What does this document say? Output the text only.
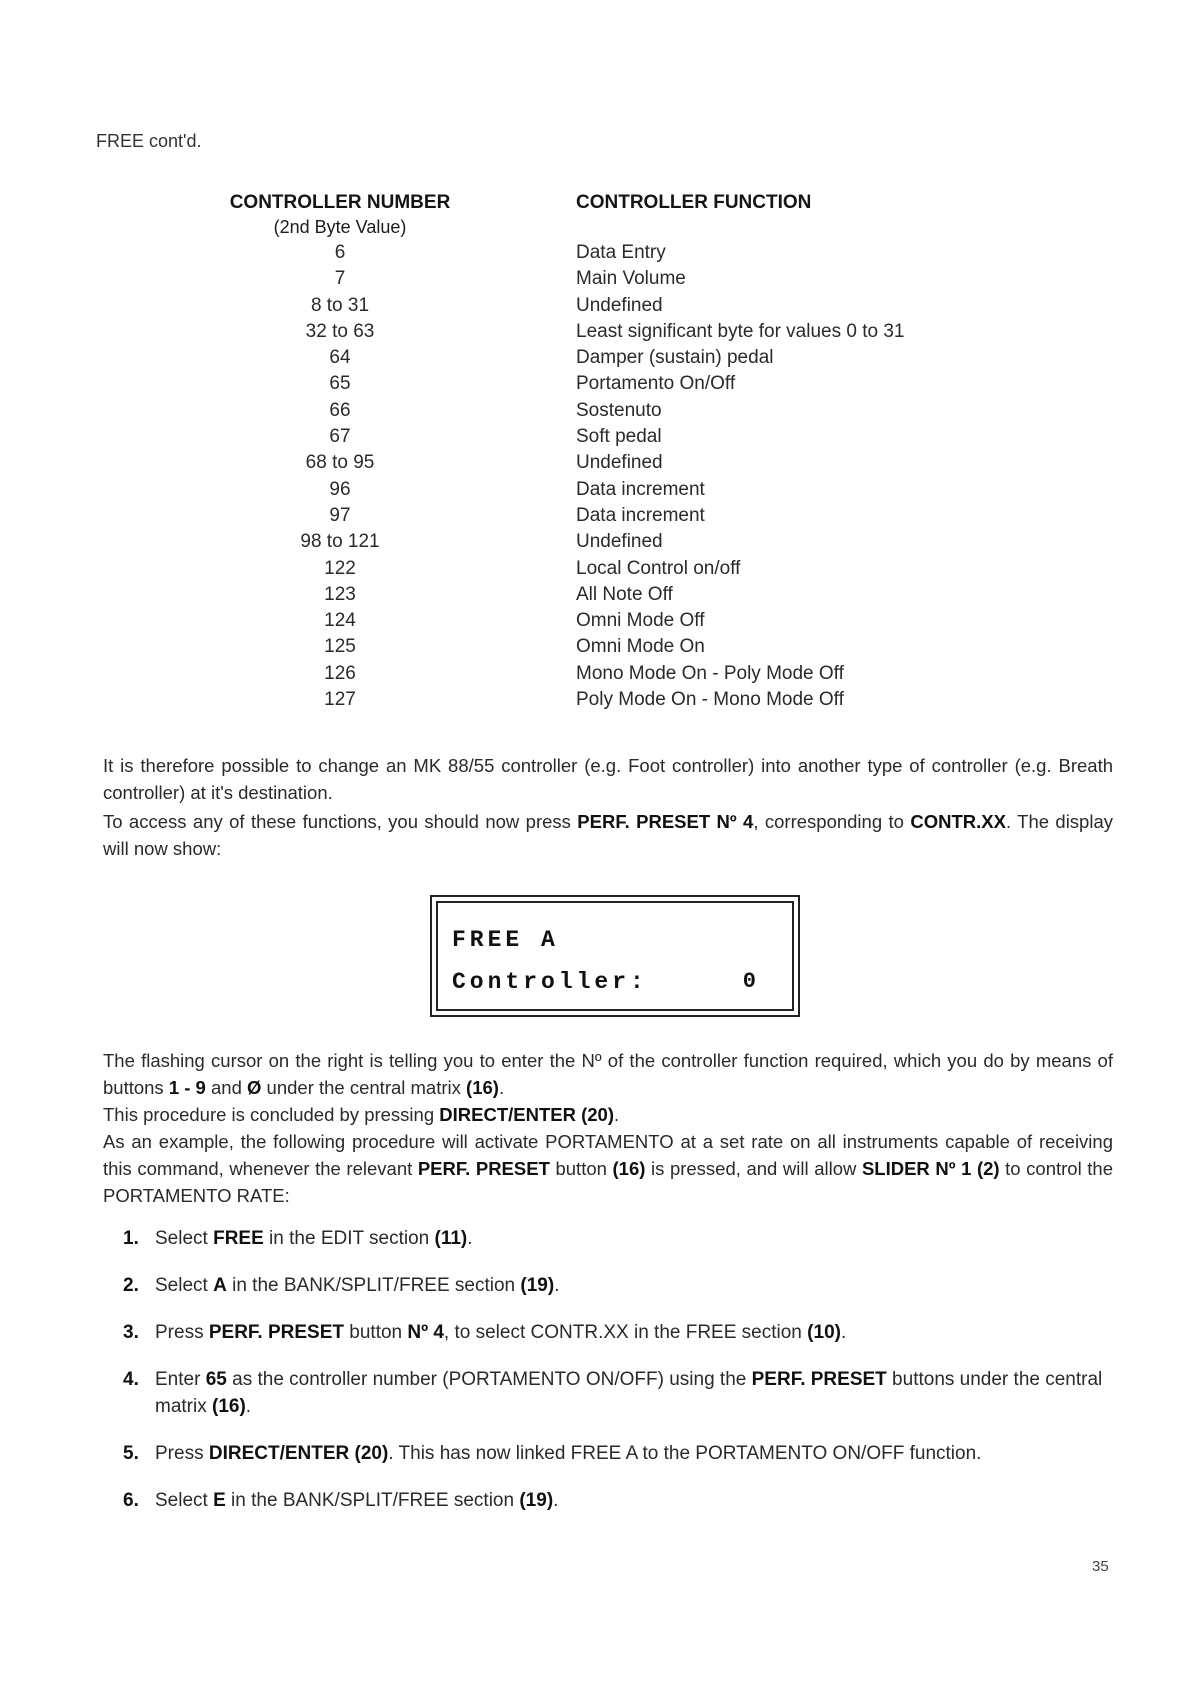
FREE cont'd.
CONTROLLER NUMBER
(2nd Byte Value)
6
7
8 to 31
32 to 63
64
65
66
67
68 to 95
96
97
98 to 121
122
123
124
125
126
127
CONTROLLER FUNCTION
Data Entry
Main Volume
Undefined
Least significant byte for values 0 to 31
Damper (sustain) pedal
Portamento On/Off
Sostenuto
Soft pedal
Undefined
Data increment
Data increment
Undefined
Local Control on/off
All Note Off
Omni Mode Off
Omni Mode On
Mono Mode On - Poly Mode Off
Poly Mode On - Mono Mode Off
It is therefore possible to change an MK 88/55 controller (e.g. Foot controller) into another type of controller (e.g. Breath controller) at it's destination.
To access any of these functions, you should now press PERF. PRESET Nº 4, corresponding to CONTR.XX. The display will now show:
FREE A
Controller:	0
The flashing cursor on the right is telling you to enter the Nº of the controller function required, which you do by means of buttons 1 - 9 and Ø under the central matrix (16).
This procedure is concluded by pressing DIRECT/ENTER (20).
As an example, the following procedure will activate PORTAMENTO at a set rate on all instruments capable of receiving this command, whenever the relevant PERF. PRESET button (16) is pressed, and will allow SLIDER Nº 1 (2) to control the PORTAMENTO RATE:
1. Select FREE in the EDIT section (11).
2. Select A in the BANK/SPLIT/FREE section (19).
3. Press PERF. PRESET button Nº 4, to select CONTR.XX in the FREE section (10).
4. Enter 65 as the controller number (PORTAMENTO ON/OFF) using the PERF. PRESET buttons under the central matrix (16).
5. Press DIRECT/ENTER (20). This has now linked FREE A to the PORTAMENTO ON/OFF function.
6. Select E in the BANK/SPLIT/FREE section (19).
35
